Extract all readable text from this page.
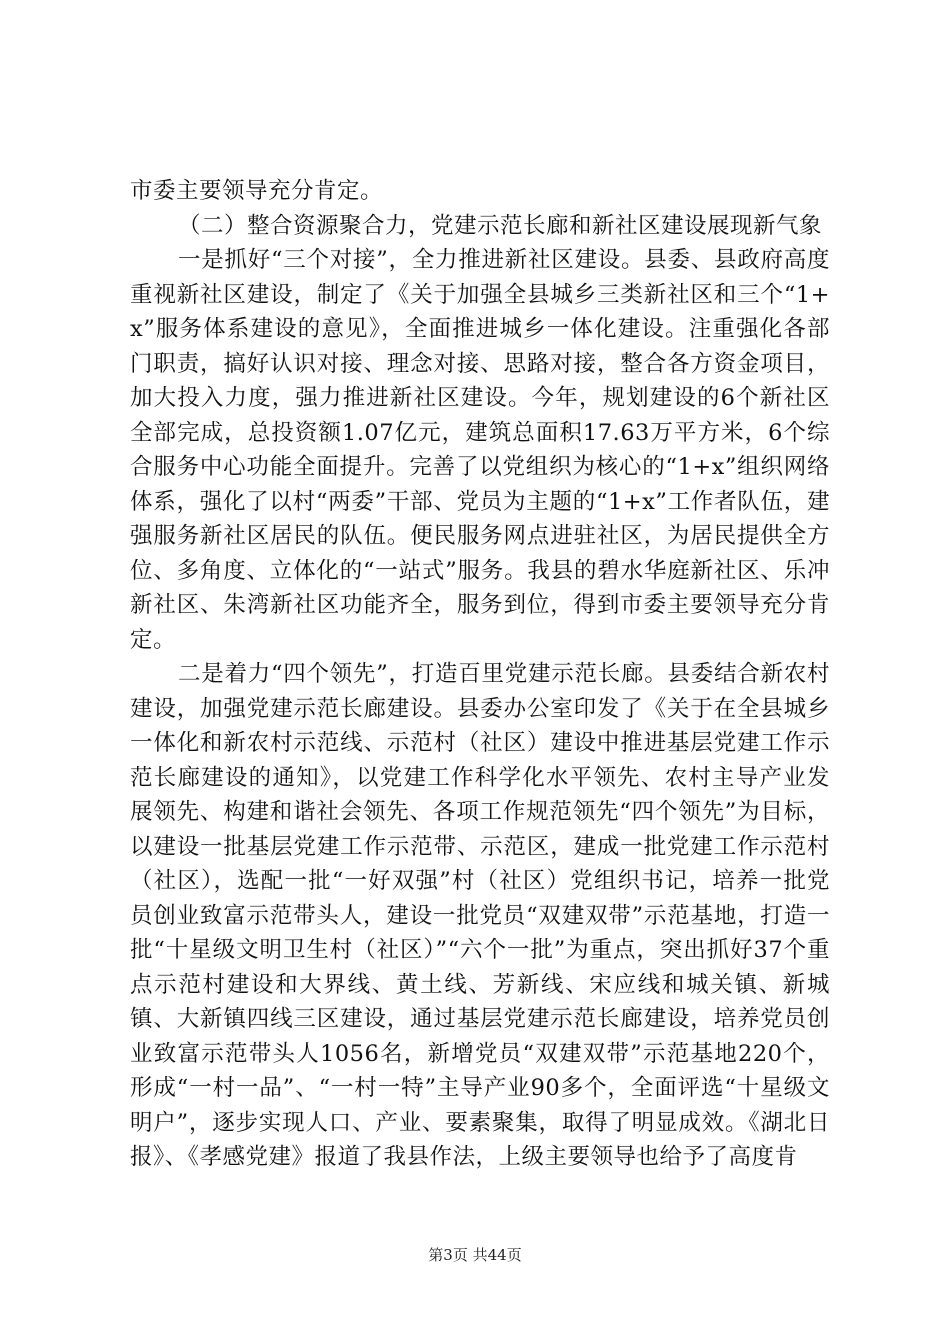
市委主要领导充分肯定。

（二）整合资源聚合力，党建示范长廊和新社区建设展现新气象

一是抓好“三个对接”，全力推进新社区建设。县委、县政府高度重视新社区建设，制定了《关于加强全县城乡三类新社区和三个“1+x”服务体系建设的意见》，全面推进城乡一体化建设。注重强化各部门职责，搞好认识对接、理念对接、思路对接，整合各方资金项目，加大投入力度，强力推进新社区建设。今年，规划建设的6个新社区全部完成，总投资额1.07亿元，建筑总面积17.63万平方米，6个综合服务中心功能全面提升。完善了以党组织为核心的“1+x”组织网络体系，强化了以村“两委”干部、党员为主题的“1+x”工作者队伍，建强服务新社区居民的队伍。便民服务网点进驻社区，为居民提供全方位、多角度、立体化的“一站式”服务。我县的碧水华庭新社区、乐冲新社区、朱湾新社区功能齐全，服务到位，得到市委主要领导充分肯定。

二是着力“四个领先”，打造百里党建示范长廊。县委结合新农村建设，加强党建示范长廊建设。县委办公室印发了《关于在全县城乡一体化和新农村示范线、示范村（社区）建设中推进基层党建工作示范长廊建设的通知》，以党建工作科学化水平领先、农村主导产业发展领先、构建和谐社会领先、各项工作规范领先“四个领先”为目标，以建设一批基层党建工作示范带、示范区，建成一批党建工作示范村（社区），选配一批“一好双强”村（社区）党组织书记，培养一批党员创业致富示范带头人，建设一批党员“双建双带”示范基地，打造一批“十星级文明卫生村（社区）”“六个一批”为重点，突出抓好37个重点示范村建设和大界线、黄土线、芳新线、宋应线和城关镇、新城镇、大新镇四线三区建设，通过基层党建示范长廊建设，培养党员创业致富示范带头人1056名，新增党员“双建双带”示范基地220个，形成“一村一品”、“一村一特”主导产业90多个，全面评选“十星级文明户”，逐步实现人口、产业、要素聚集，取得了明显成效。《湖北日报》、《孝感党建》报道了我县作法，上级主要领导也给予了高度肯

第3页 共44页
